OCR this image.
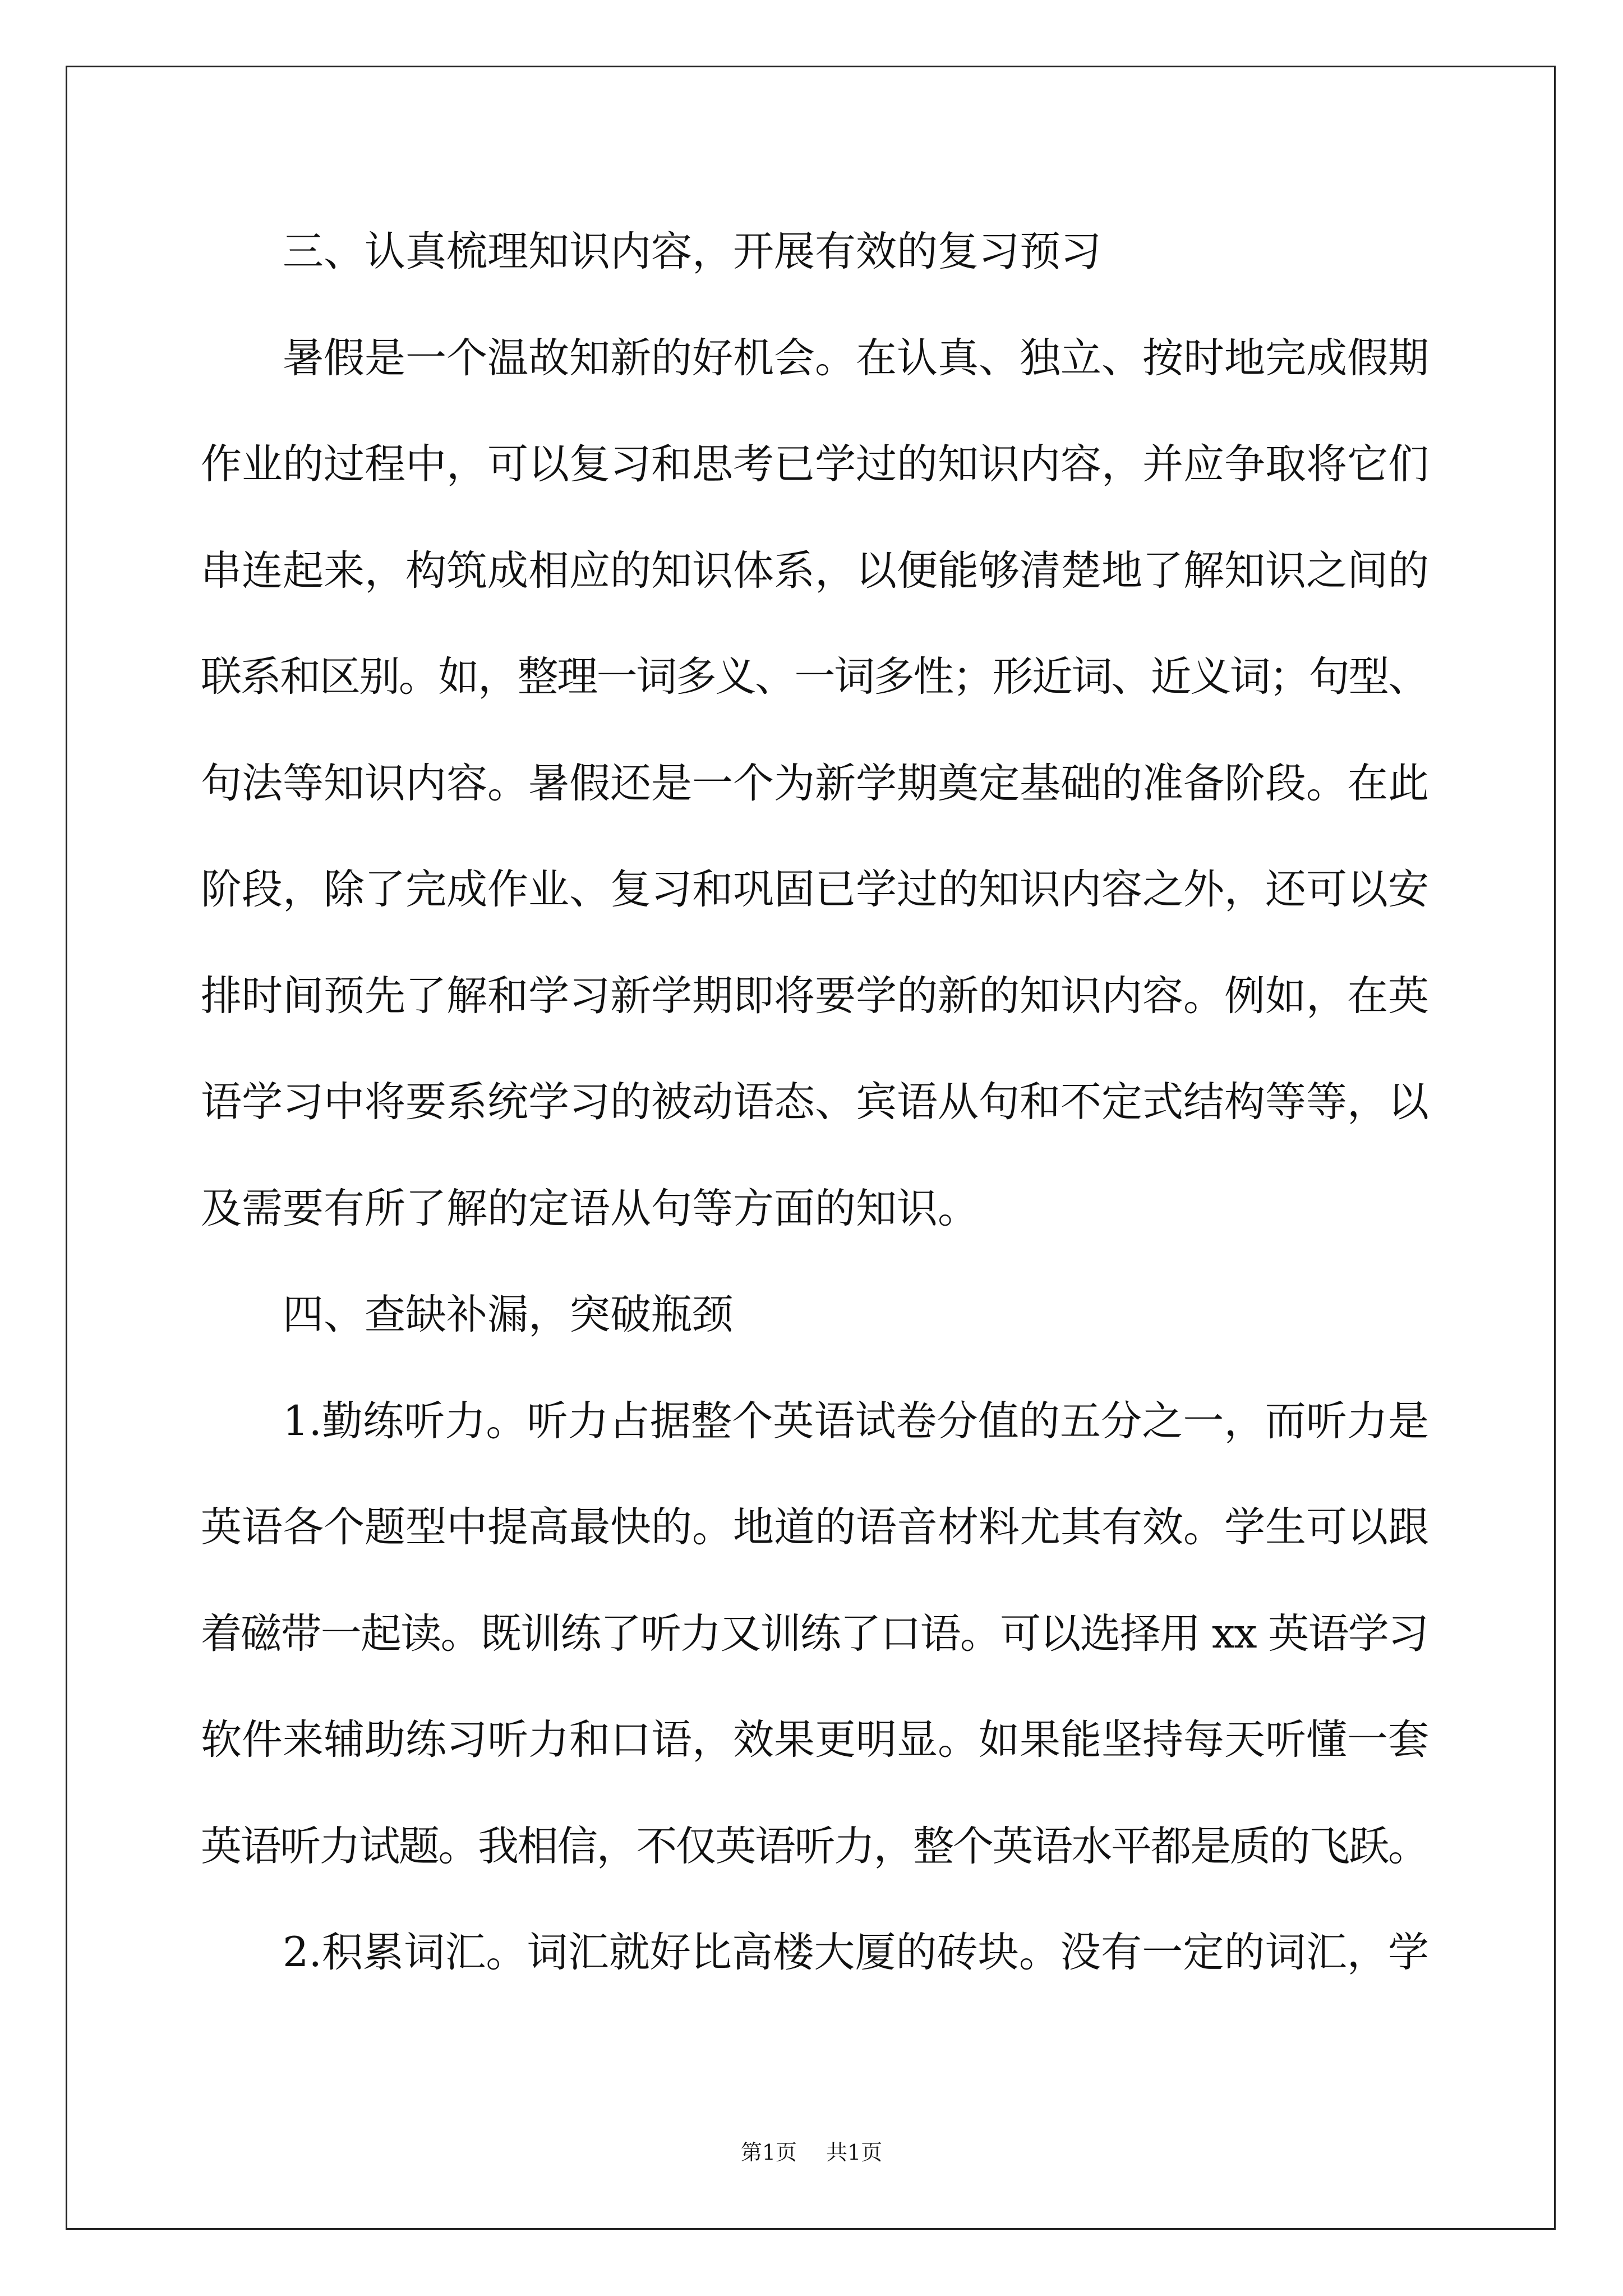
三、认真梳理知识内容，开展有效的复习预习
暑假是一个温故知新的好机会。在认真、独立、按时地完成假期
作业的过程中，可以复习和思考已学过的知识内容，并应争取将它们
串连起来，构筑成相应的知识体系，以便能够清楚地了解知识之间的
联系和区别。如，整理一词多义、一词多性；形近词、近义词；句型、
句法等知识内容。暑假还是一个为新学期奠定基础的准备阶段。在此
阶段，除了完成作业、复习和巩固已学过的知识内容之外，还可以安
排时间预先了解和学习新学期即将要学的新的知识内容。例如，在英
语学习中将要系统学习的被动语态、宾语从句和不定式结构等等，以
及需要有所了解的定语从句等方面的知识。
四、查缺补漏，突破瓶颈
1.勤练听力。听力占据整个英语试卷分值的五分之一，而听力是
英语各个题型中提高最快的。地道的语音材料尤其有效。学生可以跟
着磁带一起读。既训练了听力又训练了口语。可以选择用 xx 英语学习
软件来辅助练习听力和口语，效果更明显。如果能坚持每天听懂一套
英语听力试题。我相信，不仅英语听力，整个英语水平都是质的飞跃。
2.积累词汇。词汇就好比高楼大厦的砖块。没有一定的词汇，学
第1页 共1页
